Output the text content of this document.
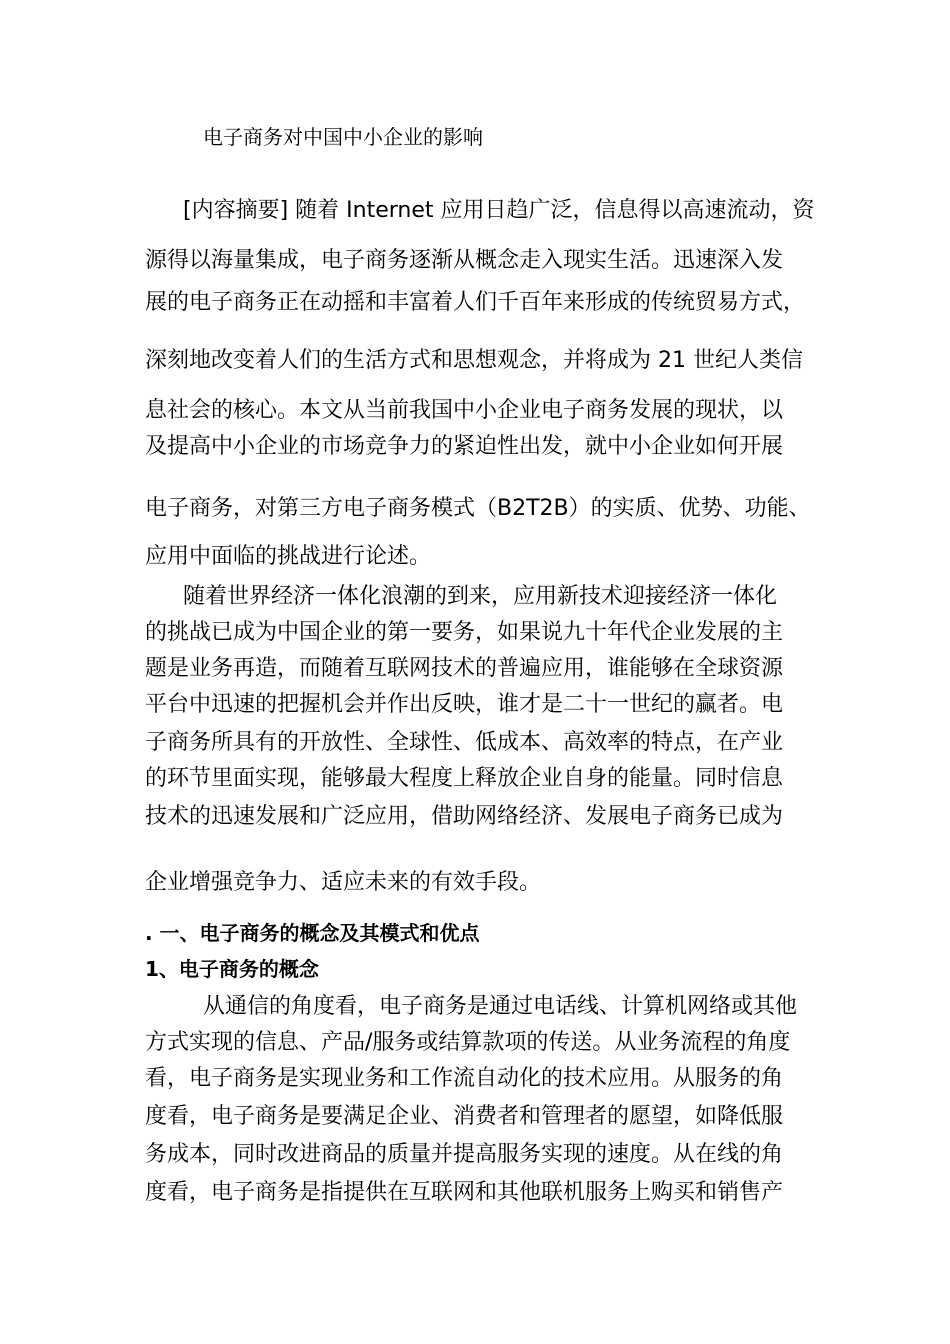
电子商务对中国中小企业的影响
[内容摘要] 随着 Internet 应用日趋广泛，信息得以高速流动，资
源得以海量集成，电子商务逐渐从概念走入现实生活。迅速深入发
展的电子商务正在动摇和丰富着人们千百年来形成的传统贸易方式，
深刻地改变着人们的生活方式和思想观念，并将成为 21 世纪人类信
息社会的核心。本文从当前我国中小企业电子商务发展的现状，以
及提高中小企业的市场竞争力的紧迫性出发，就中小企业如何开展
电子商务，对第三方电子商务模式（B2T2B）的实质、优势、功能、
应用中面临的挑战进行论述。
随着世界经济一体化浪潮的到来，应用新技术迎接经济一体化
的挑战已成为中国企业的第一要务，如果说九十年代企业发展的主
题是业务再造，而随着互联网技术的普遍应用，谁能够在全球资源
平台中迅速的把握机会并作出反映，谁才是二十一世纪的赢者。电
子商务所具有的开放性、全球性、低成本、高效率的特点，在产业
的环节里面实现，能够最大程度上释放企业自身的能量。同时信息
技术的迅速发展和广泛应用，借助网络经济、发展电子商务已成为
企业增强竞争力、适应未来的有效手段。
. 一、电子商务的概念及其模式和优点
1、电子商务的概念
从通信的角度看，电子商务是通过电话线、计算机网络或其他
方式实现的信息、产品/服务或结算款项的传送。从业务流程的角度
看，电子商务是实现业务和工作流自动化的技术应用。从服务的角
度看，电子商务是要满足企业、消费者和管理者的愿望，如降低服
务成本，同时改进商品的质量并提高服务实现的速度。从在线的角
度看，电子商务是指提供在互联网和其他联机服务上购买和销售产
